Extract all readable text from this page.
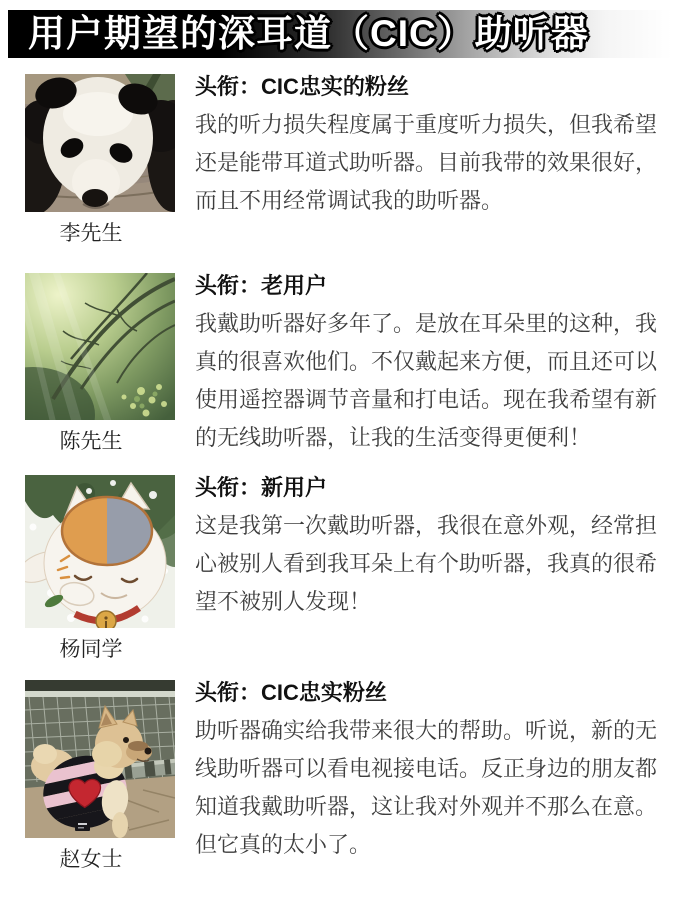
用户期望的深耳道（CIC）助听器
李先生
头衔：CIC忠实的粉丝
我的听力损失程度属于重度听力损失，但我希望还是能带耳道式助听器。目前我带的效果很好，而且不用经常调试我的助听器。
陈先生
头衔：老用户
我戴助听器好多年了。是放在耳朵里的这种，我真的很喜欢他们。不仅戴起来方便，而且还可以使用遥控器调节音量和打电话。现在我希望有新的无线助听器，让我的生活变得更便利！
杨同学
头衔：新用户
这是我第一次戴助听器，我很在意外观，经常担心被别人看到我耳朵上有个助听器，我真的很希望不被别人发现！
赵女士
头衔：CIC忠实粉丝
助听器确实给我带来很大的帮助。听说，新的无线助听器可以看电视接电话。反正身边的朋友都知道我戴助听器，这让我对外观并不那么在意。但它真的太小了。
